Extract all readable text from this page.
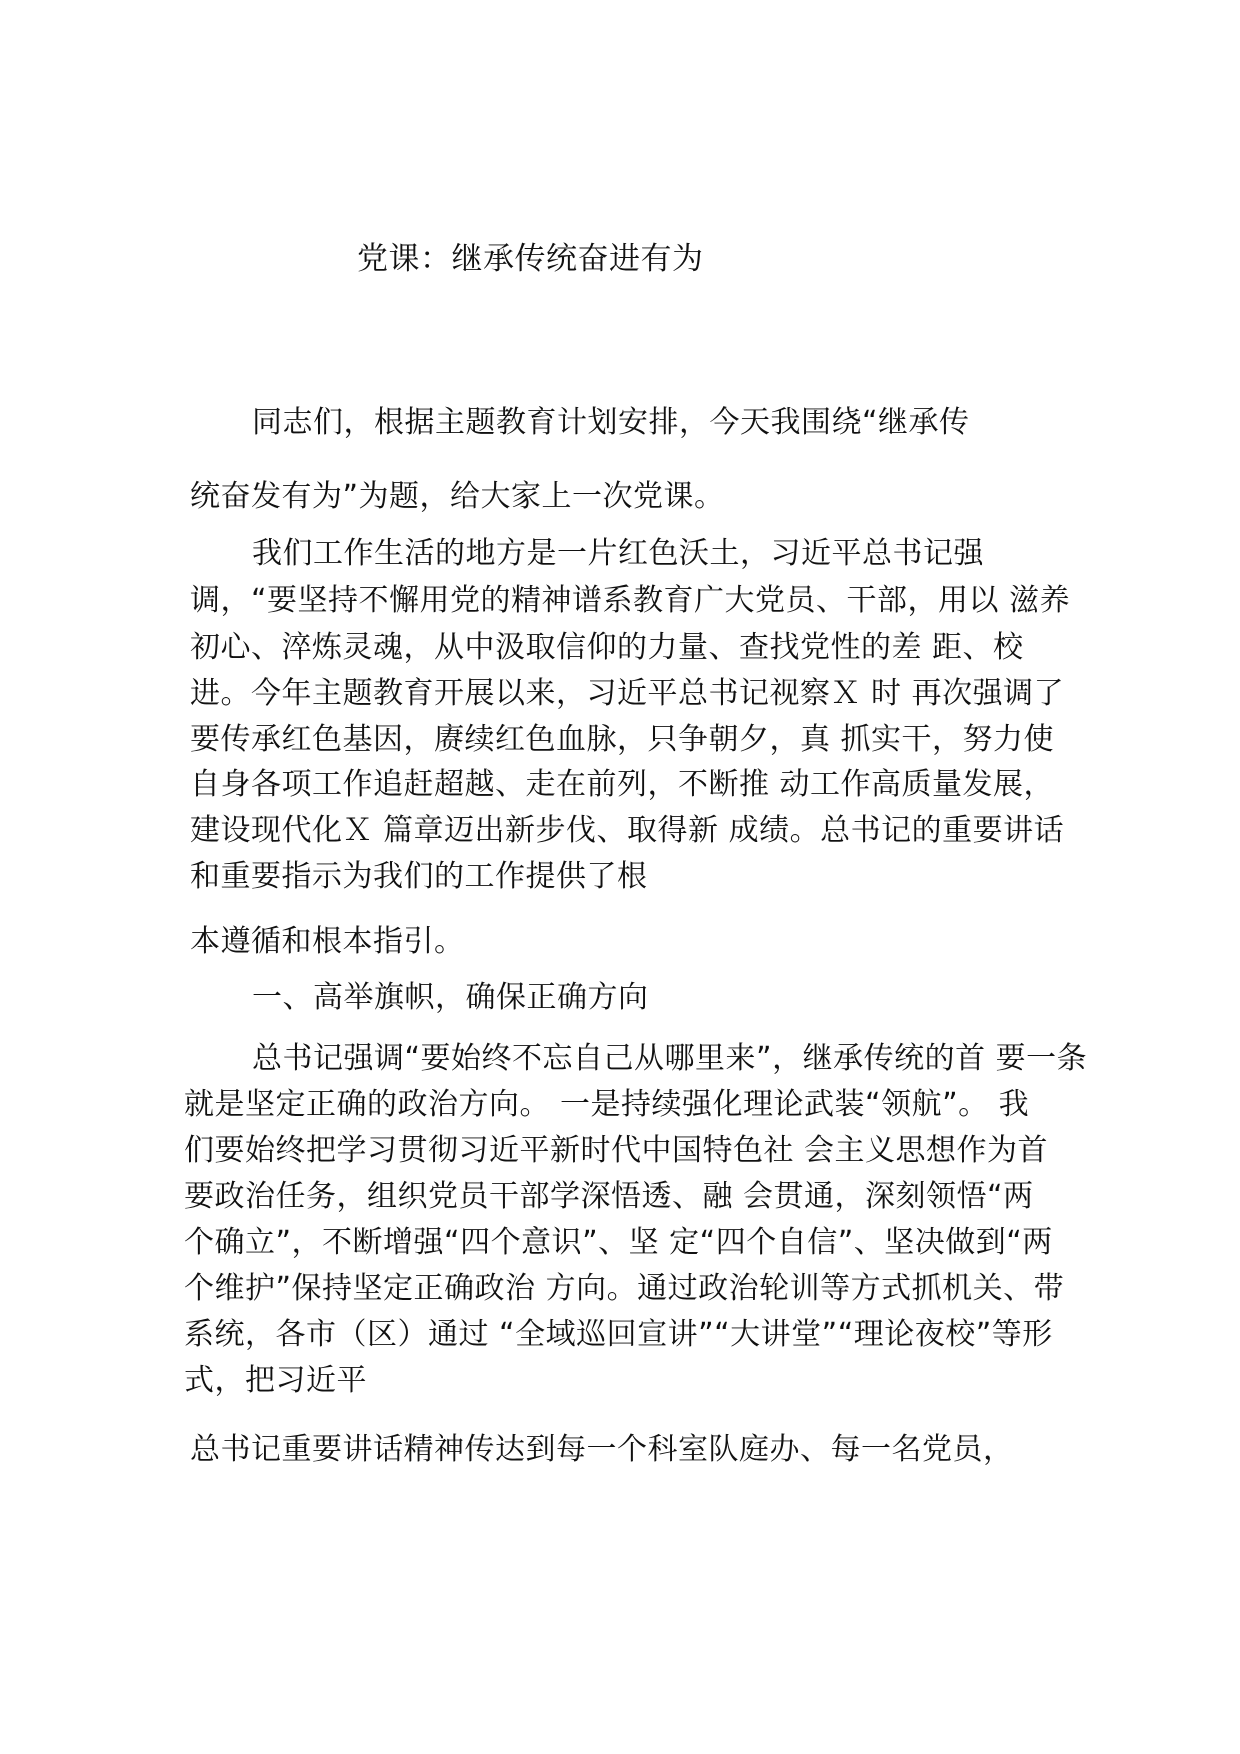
党课：继承传统奋进有为
同志们，根据主题教育计划安排，今天我围绕“继承传
统奋发有为”为题，给大家上一次党课。
我们工作生活的地方是一片红色沃土，习近平总书记强
调，“要坚持不懈用党的精神谱系教育广大党员、干部，用以 滋养
初心、淬炼灵魂，从中汲取信仰的力量、查找党性的差 距、校
进。今年主题教育开展以来，习近平总书记视察Ｘ 时 再次强调了
要传承红色基因，赓续红色血脉，只争朝夕，真 抓实干，努力使
自身各项工作追赶超越、走在前列，不断推 动工作高质量发展，
建设现代化Ｘ 篇章迈出新步伐、取得新 成绩。总书记的重要讲话
和重要指示为我们的工作提供了根
本遵循和根本指引。
一、高举旗帜，确保正确方向
总书记强调“要始终不忘自己从哪里来”，继承传统的首 要一条
就是坚定正确的政治方向。 一是持续强化理论武装“领航”。 我
们要始终把学习贯彻习近平新时代中国特色社 会主义思想作为首
要政治任务，组织党员干部学深悟透、融 会贯通，深刻领悟“两
个确立”，不断增强“四个意识”、坚 定“四个自信”、坚决做到“两
个维护”保持坚定正确政治 方向。通过政治轮训等方式抓机关、带
系统，各市（区）通过 “全域巡回宣讲”“大讲堂”“理论夜校”等形
式，把习近平
总书记重要讲话精神传达到每一个科室队庭办、每一名党员，
